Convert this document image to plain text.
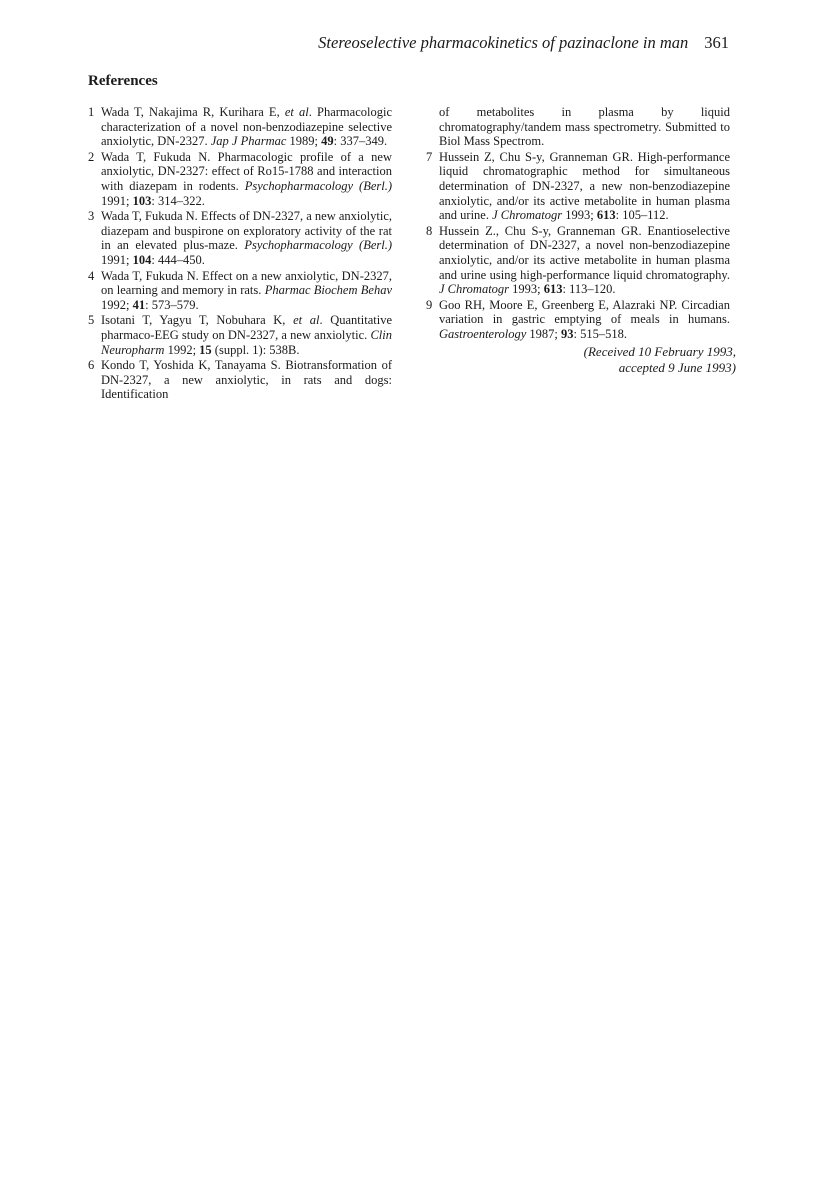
Stereoselective pharmacokinetics of pazinaclone in man 361
References
1 Wada T, Nakajima R, Kurihara E, et al. Pharmacologic characterization of a novel non-benzodiazepine selective anxiolytic, DN-2327. Jap J Pharmac 1989; 49: 337–349.
2 Wada T, Fukuda N. Pharmacologic profile of a new anxiolytic, DN-2327: effect of Ro15-1788 and interaction with diazepam in rodents. Psychopharmacology (Berl.) 1991; 103: 314–322.
3 Wada T, Fukuda N. Effects of DN-2327, a new anxiolytic, diazepam and buspirone on exploratory activity of the rat in an elevated plus-maze. Psychopharmacology (Berl.) 1991; 104: 444–450.
4 Wada T, Fukuda N. Effect on a new anxiolytic, DN-2327, on learning and memory in rats. Pharmac Biochem Behav 1992; 41: 573–579.
5 Isotani T, Yagyu T, Nobuhara K, et al. Quantitative pharmaco-EEG study on DN-2327, a new anxiolytic. Clin Neuropharm 1992; 15 (suppl. 1): 538B.
6 Kondo T, Yoshida K, Tanayama S. Biotransformation of DN-2327, a new anxiolytic, in rats and dogs: Identification
of metabolites in plasma by liquid chromatography/tandem mass spectrometry. Submitted to Biol Mass Spectrom.
7 Hussein Z, Chu S-y, Granneman GR. High-performance liquid chromatographic method for simultaneous determination of DN-2327, a new non-benzodiazepine anxiolytic, and/or its active metabolite in human plasma and urine. J Chromatogr 1993; 613: 105–112.
8 Hussein Z., Chu S-y, Granneman GR. Enantioselective determination of DN-2327, a novel non-benzodiazepine anxiolytic, and/or its active metabolite in human plasma and urine using high-performance liquid chromatography. J Chromatogr 1993; 613: 113–120.
9 Goo RH, Moore E, Greenberg E, Alazraki NP. Circadian variation in gastric emptying of meals in humans. Gastroenterology 1987; 93: 515–518.
(Received 10 February 1993,
accepted 9 June 1993)
